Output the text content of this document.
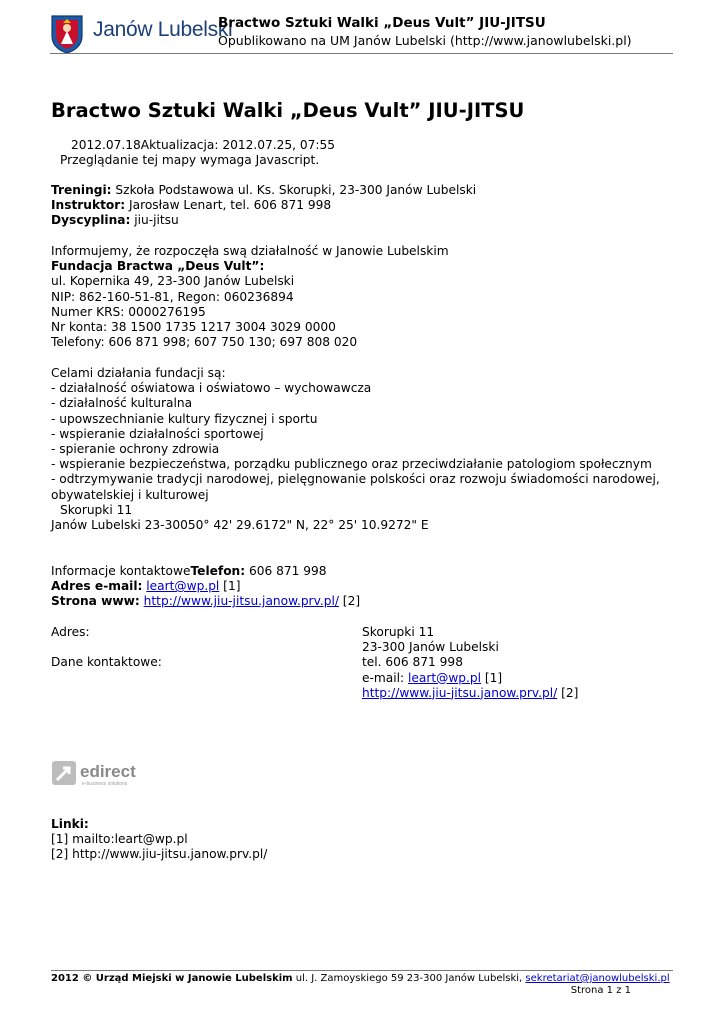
Janów Lubelski
Bractwo Sztuki Walki „Deus Vult” JIU-JITSU
Opublikowano na UM Janów Lubelski (http://www.janowlubelski.pl)
Bractwo Sztuki Walki „Deus Vult” JIU-JITSU
2012.07.18Aktualizacja: 2012.07.25, 07:55
Przeglądanie tej mapy wymaga Javascript.
Treningi: Szkoła Podstawowa ul. Ks. Skorupki, 23-300 Janów Lubelski
Instruktor: Jarosław Lenart, tel. 606 871 998
Dyscyplina: jiu-jitsu
Informujemy, że rozpoczęła swą działalność w Janowie Lubelskim
Fundacja Bractwa „Deus Vult”:
ul. Kopernika 49, 23-300 Janów Lubelski
NIP: 862-160-51-81, Regon: 060236894
Numer KRS: 0000276195
Nr konta: 38 1500 1735 1217 3004 3029 0000
Telefony: 606 871 998; 607 750 130; 697 808 020
Celami działania fundacji są:
- działalność oświatowa i oświatowo – wychowawcza
- działalność kulturalna
- upowszechnianie kultury fizycznej i sportu
- wspieranie działalności sportowej
- spieranie ochrony zdrowia
- wspieranie bezpieczeństwa, porządku publicznego oraz przeciwdziałanie patologiom społecznym
- odtrzymywanie tradycji narodowej, pielęgnowanie polskości oraz rozwoju świadomości narodowej,
obywatelskiej i kulturowej
Skorupki 11
Janów Lubelski 23-30050° 42' 29.6172" N, 22° 25' 10.9272" E
Informacje kontaktoweTelefon: 606 871 998
Adres e-mail: leart@wp.pl [1]
Strona www: http://www.jiu-jitsu.janow.prv.pl/ [2]
Adres:
Dane kontaktowe:
Skorupki 11
23-300 Janów Lubelski
tel. 606 871 998
e-mail: leart@wp.pl [1]
http://www.jiu-jitsu.janow.prv.pl/ [2]
edirect
e-business solutions
Linki:
[1] mailto:leart@wp.pl
[2] http://www.jiu-jitsu.janow.prv.pl/
2012 © Urząd Miejski w Janowie Lubelskim ul. J. Zamoyskiego 59 23-300 Janów Lubelski, sekretariat@janowlubelski.pl
Strona 1 z 1
